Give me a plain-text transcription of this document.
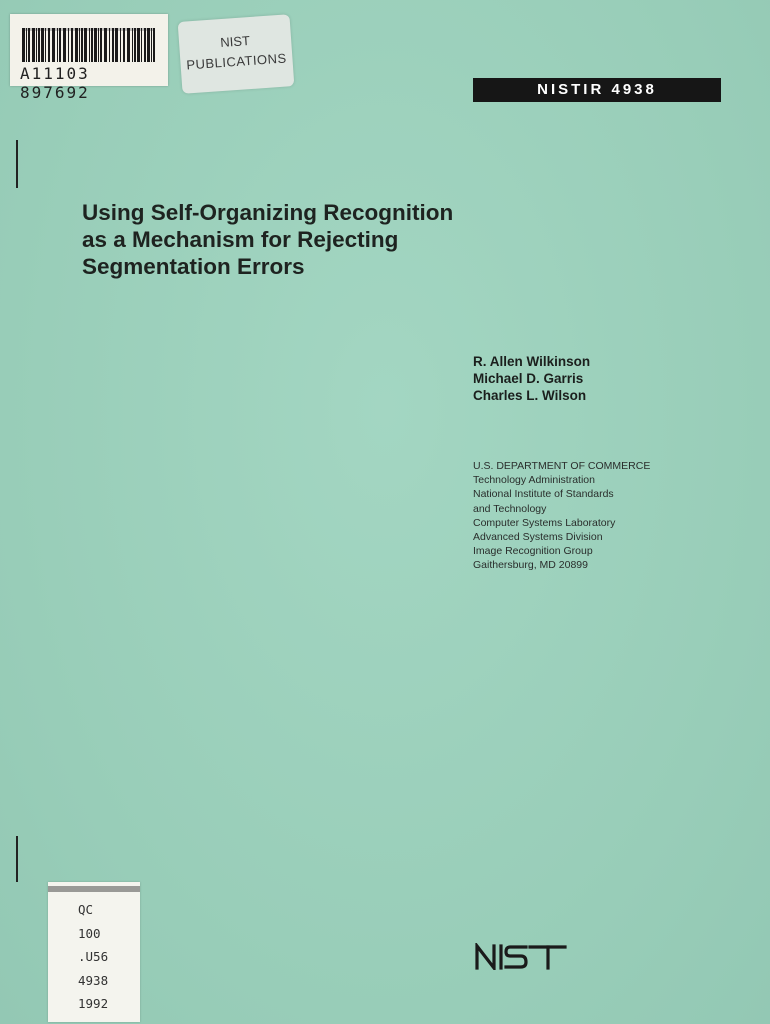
A11103 897692
NIST
PUBLICATIONS
NISTIR 4938
Using Self-Organizing Recognition
as a Mechanism for Rejecting
Segmentation Errors
R. Allen Wilkinson
Michael D. Garris
Charles L. Wilson
U.S. DEPARTMENT OF COMMERCE
Technology Administration
National Institute of Standards
and Technology
Computer Systems Laboratory
Advanced Systems Division
Image Recognition Group
Gaithersburg, MD 20899
QC
100
.U56
4938
1992
